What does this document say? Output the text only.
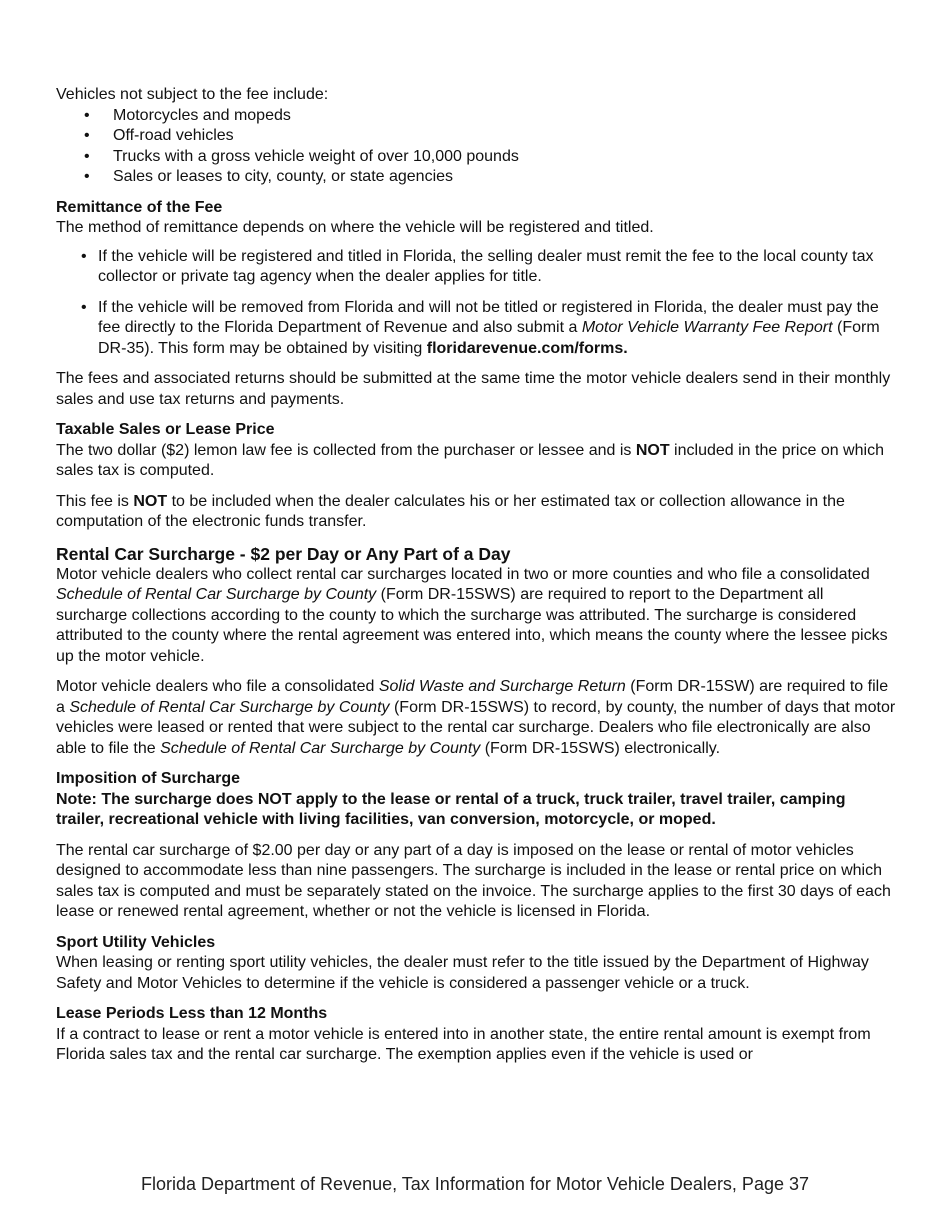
Vehicles not subject to the fee include:

• Motorcycles and mopeds
• Off-road vehicles
• Trucks with a gross vehicle weight of over 10,000 pounds
• Sales or leases to city, county, or state agencies

Remittance of the Fee

The method of remittance depends on where the vehicle will be registered and titled.

• If the vehicle will be registered and titled in Florida, the selling dealer must remit the fee to the local county tax collector or private tag agency when the dealer applies for title.
• If the vehicle will be removed from Florida and will not be titled or registered in Florida, the dealer must pay the fee directly to the Florida Department of Revenue and also submit a Motor Vehicle Warranty Fee Report (Form DR-35). This form may be obtained by visiting floridarevenue.com/forms.

The fees and associated returns should be submitted at the same time the motor vehicle dealers send in their monthly sales and use tax returns and payments.

Taxable Sales or Lease Price

The two dollar ($2) lemon law fee is collected from the purchaser or lessee and is NOT included in the price on which sales tax is computed.

This fee is NOT to be included when the dealer calculates his or her estimated tax or collection allowance in the computation of the electronic funds transfer.

Rental Car Surcharge - $2 per Day or Any Part of a Day

Motor vehicle dealers who collect rental car surcharges located in two or more counties and who file a consolidated Schedule of Rental Car Surcharge by County (Form DR-15SWS) are required to report to the Department all surcharge collections according to the county to which the surcharge was attributed. The surcharge is considered attributed to the county where the rental agreement was entered into, which means the county where the lessee picks up the motor vehicle.

Motor vehicle dealers who file a consolidated Solid Waste and Surcharge Return (Form DR-15SW) are required to file a Schedule of Rental Car Surcharge by County (Form DR-15SWS) to record, by county, the number of days that motor vehicles were leased or rented that were subject to the rental car surcharge. Dealers who file electronically are also able to file the Schedule of Rental Car Surcharge by County (Form DR-15SWS) electronically.

Imposition of Surcharge

Note: The surcharge does NOT apply to the lease or rental of a truck, truck trailer, travel trailer, camping trailer, recreational vehicle with living facilities, van conversion, motorcycle, or moped.

The rental car surcharge of $2.00 per day or any part of a day is imposed on the lease or rental of motor vehicles designed to accommodate less than nine passengers. The surcharge is included in the lease or rental price on which sales tax is computed and must be separately stated on the invoice. The surcharge applies to the first 30 days of each lease or renewed rental agreement, whether or not the vehicle is licensed in Florida.

Sport Utility Vehicles

When leasing or renting sport utility vehicles, the dealer must refer to the title issued by the Department of Highway Safety and Motor Vehicles to determine if the vehicle is considered a passenger vehicle or a truck.

Lease Periods Less than 12 Months

If a contract to lease or rent a motor vehicle is entered into in another state, the entire rental amount is exempt from Florida sales tax and the rental car surcharge. The exemption applies even if the vehicle is used or

Florida Department of Revenue, Tax Information for Motor Vehicle Dealers, Page 37
